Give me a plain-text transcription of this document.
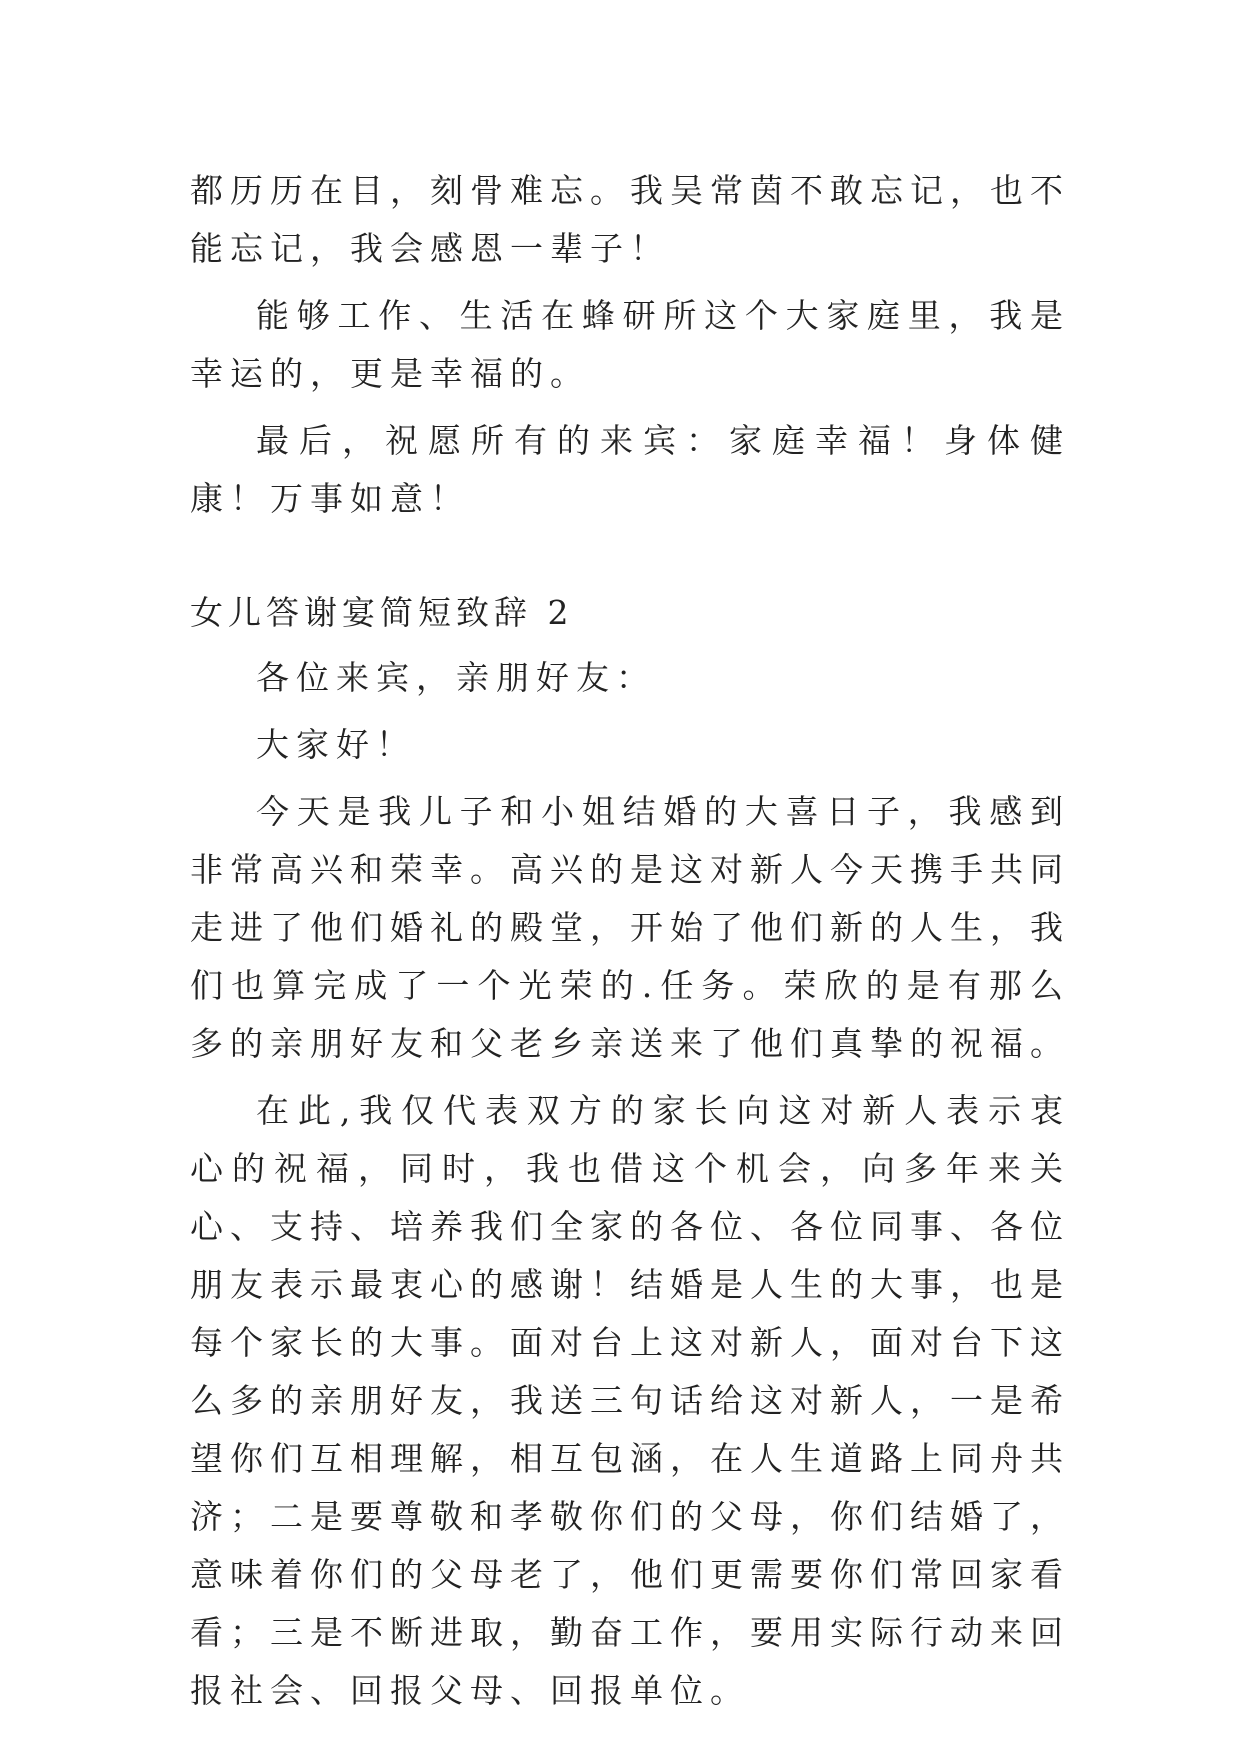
都历历在目，刻骨难忘。我吴常茵不敢忘记，也不能忘记，我会感恩一辈子！

能够工作、生活在蜂研所这个大家庭里，我是幸运的，更是幸福的。

最后，祝愿所有的来宾：家庭幸福！身体健康！万事如意！

女儿答谢宴简短致辞 2

各位来宾，亲朋好友：

大家好！

今天是我儿子和小姐结婚的大喜日子，我感到非常高兴和荣幸。高兴的是这对新人今天携手共同走进了他们婚礼的殿堂，开始了他们新的人生，我们也算完成了一个光荣的.任务。荣欣的是有那么多的亲朋好友和父老乡亲送来了他们真挚的祝福。

在此,我仅代表双方的家长向这对新人表示衷心的祝福，同时，我也借这个机会，向多年来关心、支持、培养我们全家的各位、各位同事、各位朋友表示最衷心的感谢！结婚是人生的大事，也是每个家长的大事。面对台上这对新人，面对台下这么多的亲朋好友，我送三句话给这对新人，一是希望你们互相理解，相互包涵，在人生道路上同舟共济；二是要尊敬和孝敬你们的父母，你们结婚了，意味着你们的父母老了，他们更需要你们常回家看看；三是不断进取，勤奋工作，要用实际行动来回报社会、回报父母、回报单位。
